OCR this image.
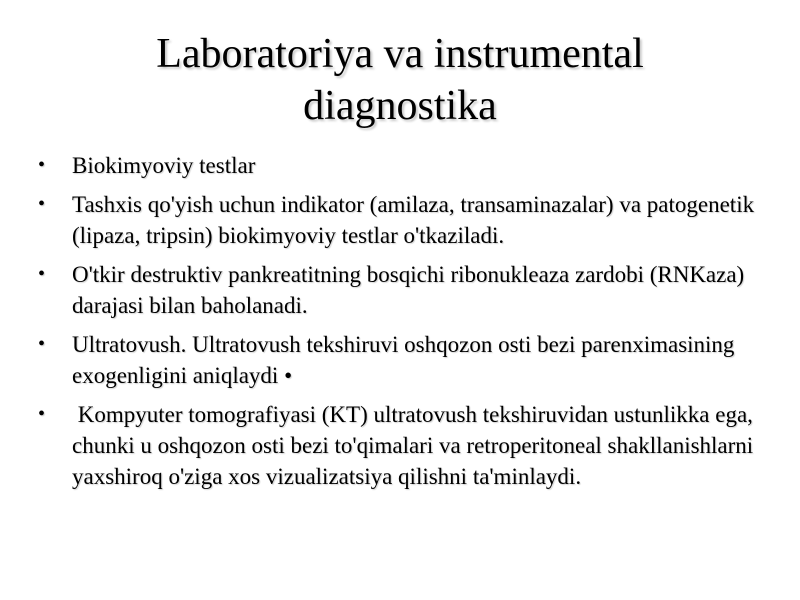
Laboratoriya va instrumental diagnostika
• Biokimyoviy testlar
• Tashxis qo'yish uchun indikator (amilaza, transaminazalar) va patogenetik (lipaza, tripsin) biokimyoviy testlar o'tkaziladi.
• O'tkir destruktiv pankreatitning bosqichi ribonukleaza zardobi (RNKaza) darajasi bilan baholanadi.
• Ultratovush. Ultratovush tekshiruvi oshqozon osti bezi parenximasining exogenligini aniqlaydi •
• Kompyuter tomografiyasi (KT) ultratovush tekshiruvidan ustunlikka ega, chunki u oshqozon osti bezi to'qimalari va retroperitoneal shakllanishlarni yaxshiroq o'ziga xos vizualizatsiya qilishni ta'minlaydi.
